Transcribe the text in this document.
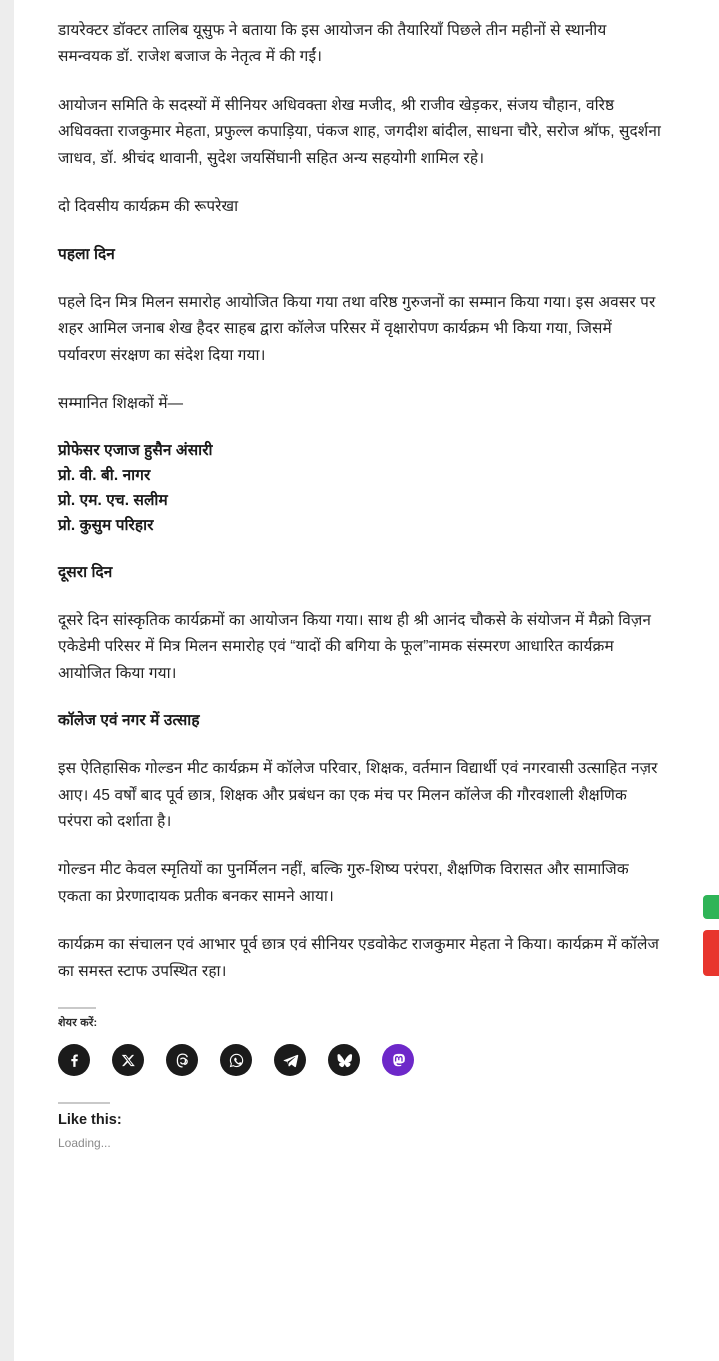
डायरेक्टर डॉक्टर तालिब यूसुफ ने बताया कि इस आयोजन की तैयारियाँ पिछले तीन महीनों से स्थानीय समन्वयक डॉ. राजेश बजाज के नेतृत्व में की गईं।

आयोजन समिति के सदस्यों में सीनियर अधिवक्ता शेख मजीद, श्री राजीव खेड़कर, संजय चौहान, वरिष्ठ अधिवक्ता राजकुमार मेहता, प्रफुल्ल कपाड़िया, पंकज शाह, जगदीश बांदील, साधना चौरे, सरोज श्रॉफ, सुदर्शना जाधव, डॉ. श्रीचंद थावानी, सुदेश जयसिंघानी सहित अन्य सहयोगी शामिल रहे।

दो दिवसीय कार्यक्रम की रूपरेखा

पहला दिन

पहले दिन मित्र मिलन समारोह आयोजित किया गया तथा वरिष्ठ गुरुजनों का सम्मान किया गया। इस अवसर पर शहर आमिल जनाब शेख हैदर साहब द्वारा कॉलेज परिसर में वृक्षारोपण कार्यक्रम भी किया गया, जिसमें पर्यावरण संरक्षण का संदेश दिया गया।

सम्मानित शिक्षकों में—

प्रोफेसर एजाज हुसैन अंसारी
प्रो. वी. बी. नागर
प्रो. एम. एच. सलीम
प्रो. कुसुम परिहार

दूसरा दिन

दूसरे दिन सांस्कृतिक कार्यक्रमों का आयोजन किया गया। साथ ही श्री आनंद चौकसे के संयोजन में मैक्रो विज़न एकेडेमी परिसर में मित्र मिलन समारोह एवं “यादों की बगिया के फूल”नामक संस्मरण आधारित कार्यक्रम आयोजित किया गया।

कॉलेज एवं नगर में उत्साह

इस ऐतिहासिक गोल्डन मीट कार्यक्रम में कॉलेज परिवार, शिक्षक, वर्तमान विद्यार्थी एवं नगरवासी उत्साहित नज़र आए। 45 वर्षों बाद पूर्व छात्र, शिक्षक और प्रबंधन का एक मंच पर मिलन कॉलेज की गौरवशाली शैक्षणिक परंपरा को दर्शाता है।

गोल्डन मीट केवल स्मृतियों का पुनर्मिलन नहीं, बल्कि गुरु-शिष्य परंपरा, शैक्षणिक विरासत और सामाजिक एकता का प्रेरणादायक प्रतीक बनकर सामने आया।

कार्यक्रम का संचालन एवं आभार पूर्व छात्र एवं सीनियर एडवोकेट राजकुमार मेहता ने किया। कार्यक्रम में कॉलेज का समस्त स्टाफ उपस्थित रहा।

शेयर करें:
Like this:
Loading...
